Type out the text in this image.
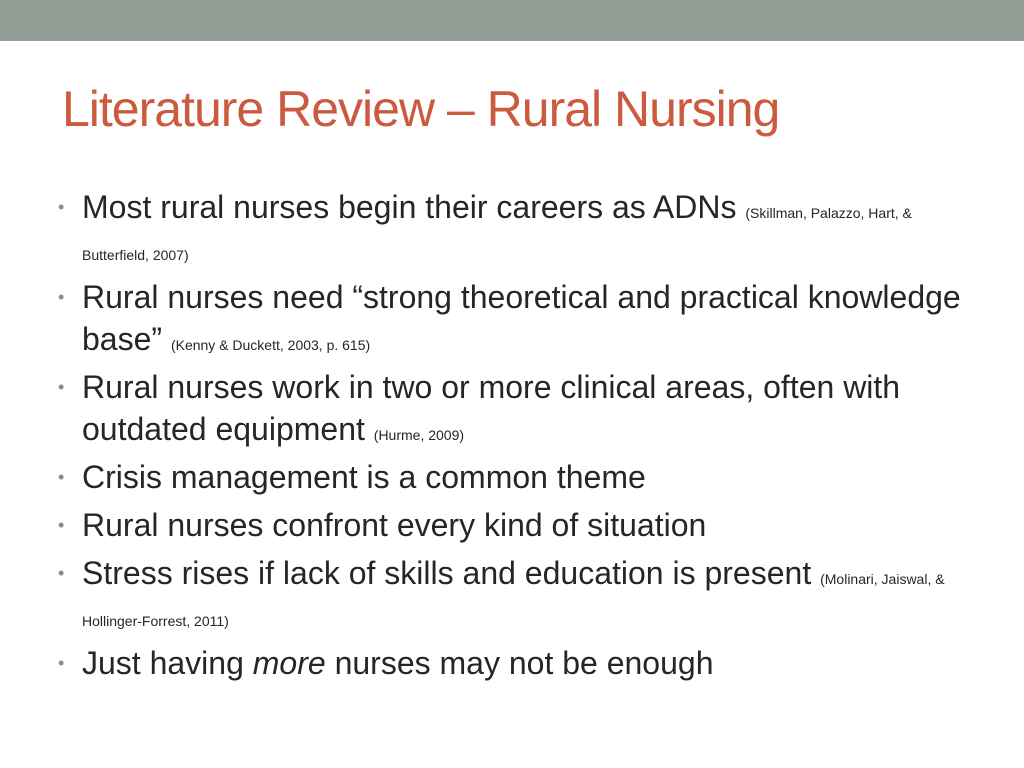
Literature Review – Rural Nursing
• Most rural nurses begin their careers as ADNs (Skillman, Palazzo, Hart, & Butterfield, 2007)
• Rural nurses need “strong theoretical and practical knowledge base” (Kenny & Duckett, 2003, p. 615)
• Rural nurses work in two or more clinical areas, often with outdated equipment (Hurme, 2009)
• Crisis management is a common theme
• Rural nurses confront every kind of situation
• Stress rises if lack of skills and education is present (Molinari, Jaiswal, & Hollinger-Forrest, 2011)
• Just having more nurses may not be enough
